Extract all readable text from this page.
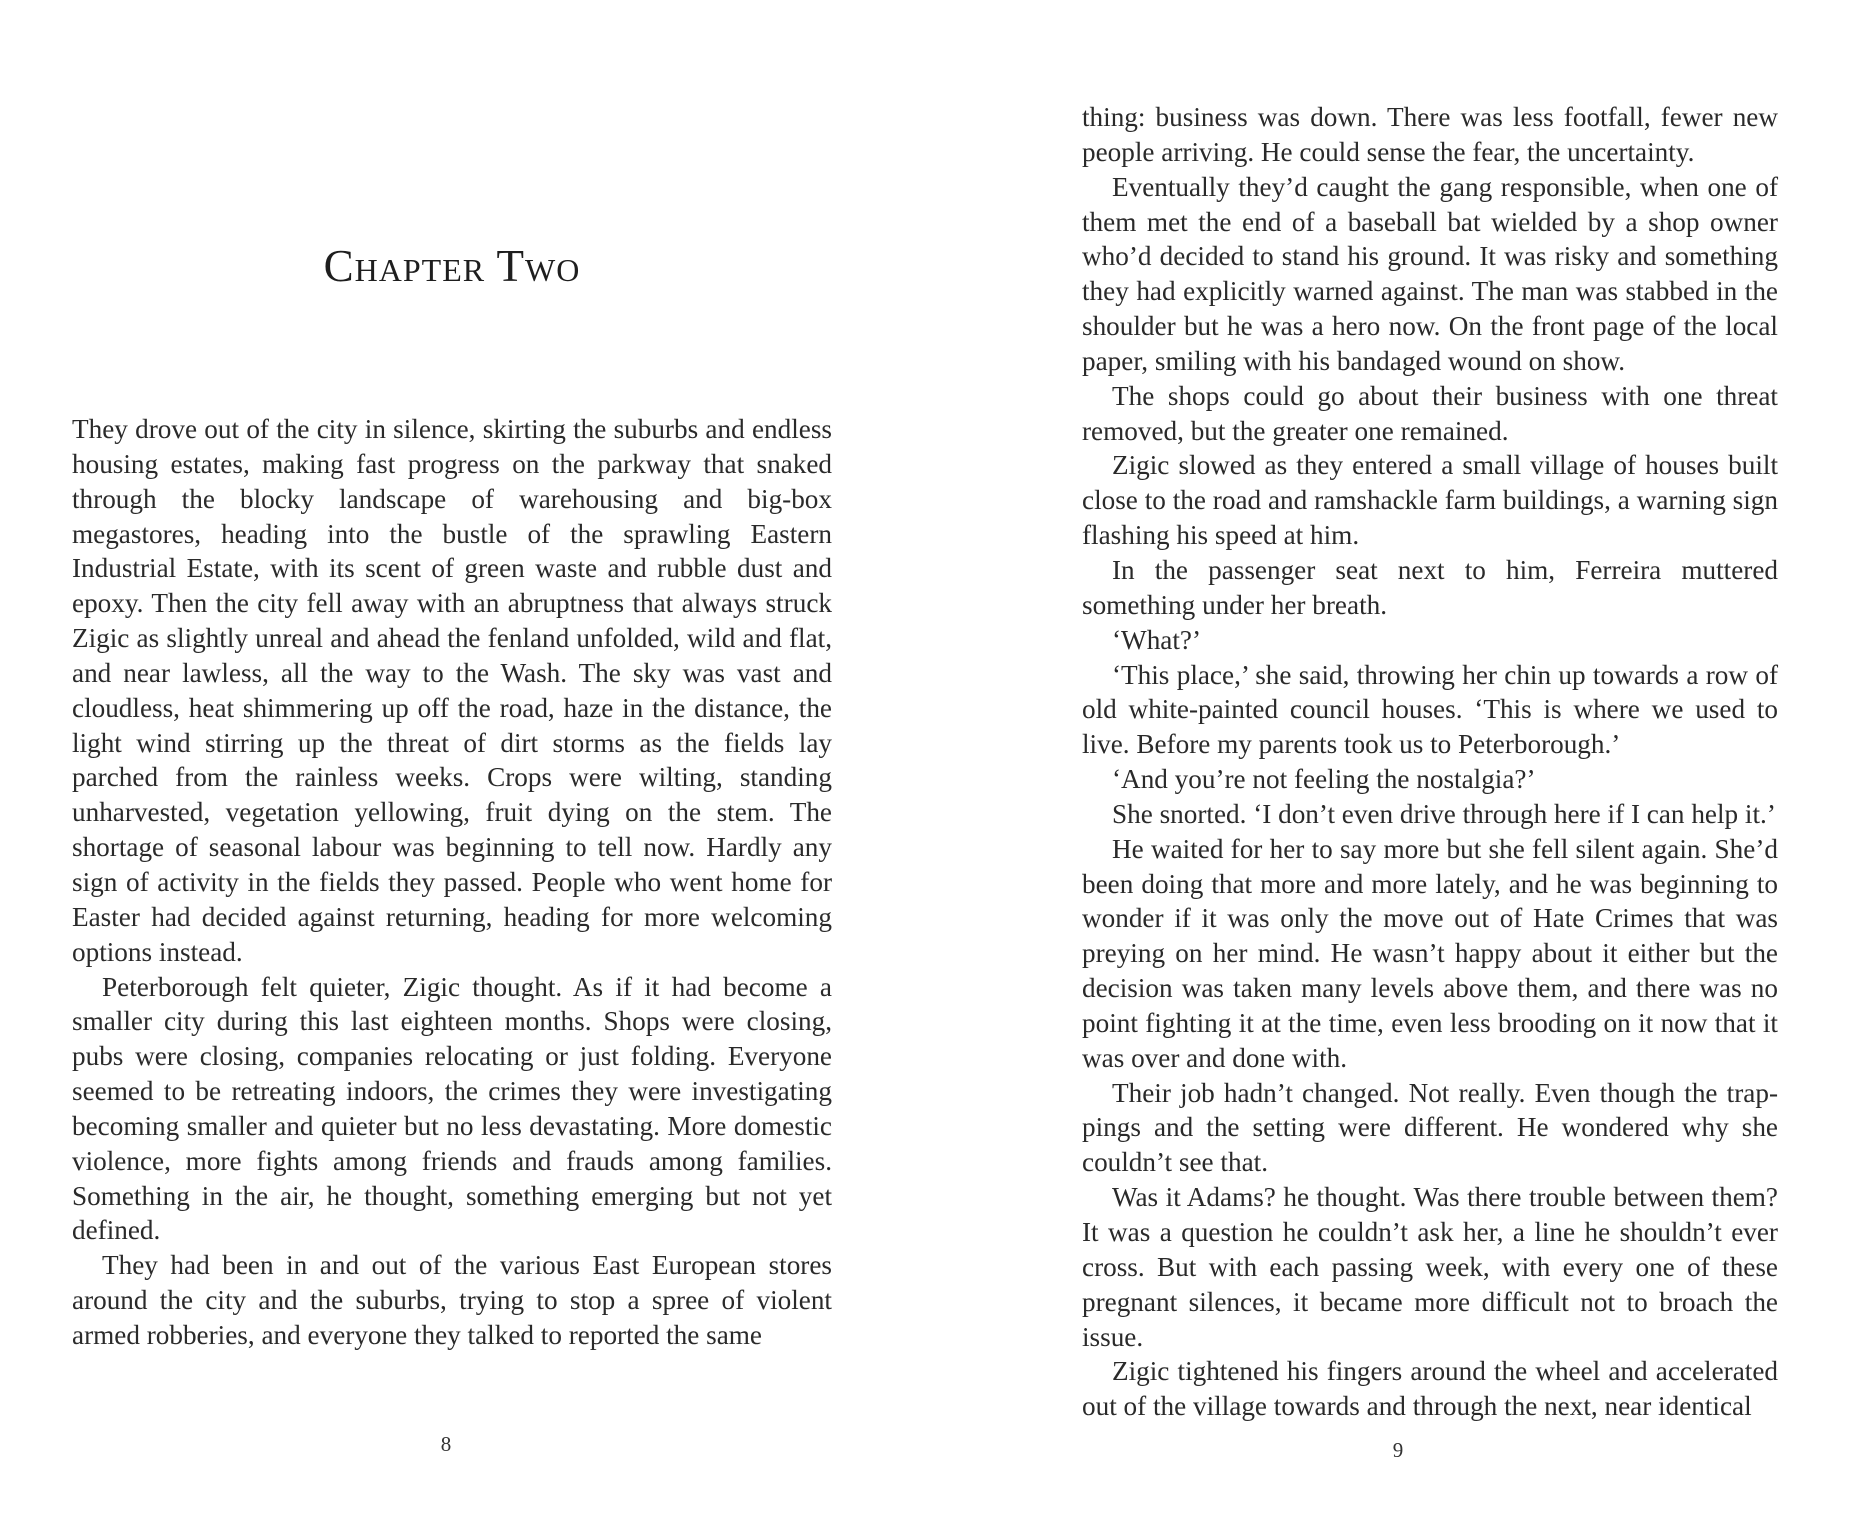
Chapter Two

They drove out of the city in silence, skirting the suburbs and endless housing estates, making fast progress on the parkway that snaked through the blocky landscape of warehousing and big-box megastores, heading into the bustle of the sprawling Eastern Industrial Estate, with its scent of green waste and rubble dust and epoxy. Then the city fell away with an abruptness that always struck Zigic as slightly unreal and ahead the fenland unfolded, wild and flat, and near lawless, all the way to the Wash. The sky was vast and cloudless, heat shimmering up off the road, haze in the distance, the light wind stirring up the threat of dirt storms as the fields lay parched from the rainless weeks. Crops were wilting, standing unharvested, vegetation yellowing, fruit dying on the stem. The shortage of seasonal labour was beginning to tell now. Hardly any sign of activity in the fields they passed. People who went home for Easter had decided against returning, heading for more welcoming options instead.

Peterborough felt quieter, Zigic thought. As if it had become a smaller city during this last eighteen months. Shops were closing, pubs were closing, companies relocating or just folding. Everyone seemed to be retreating indoors, the crimes they were investigating becoming smaller and quieter but no less devastating. More domestic violence, more fights among friends and frauds among families. Something in the air, he thought, something emerging but not yet defined.

They had been in and out of the various East European stores around the city and the suburbs, trying to stop a spree of violent armed robberies, and everyone they talked to reported the same

8

thing: business was down. There was less footfall, fewer new people arriving. He could sense the fear, the uncertainty.

Eventually they’d caught the gang responsible, when one of them met the end of a baseball bat wielded by a shop owner who’d decided to stand his ground. It was risky and something they had explicitly warned against. The man was stabbed in the shoulder but he was a hero now. On the front page of the local paper, smiling with his bandaged wound on show.

The shops could go about their business with one threat removed, but the greater one remained.

Zigic slowed as they entered a small village of houses built close to the road and ramshackle farm buildings, a warning sign flashing his speed at him.

In the passenger seat next to him, Ferreira muttered something under her breath.

‘What?’

‘This place,’ she said, throwing her chin up towards a row of old white-painted council houses. ‘This is where we used to live. Before my parents took us to Peterborough.’

‘And you’re not feeling the nostalgia?’

She snorted. ‘I don’t even drive through here if I can help it.’

He waited for her to say more but she fell silent again. She’d been doing that more and more lately, and he was beginning to wonder if it was only the move out of Hate Crimes that was preying on her mind. He wasn’t happy about it either but the decision was taken many levels above them, and there was no point fighting it at the time, even less brooding on it now that it was over and done with.

Their job hadn’t changed. Not really. Even though the trappings and the setting were different. He wondered why she couldn’t see that.

Was it Adams? he thought. Was there trouble between them? It was a question he couldn’t ask her, a line he shouldn’t ever cross. But with each passing week, with every one of these pregnant silences, it became more difficult not to broach the issue.

Zigic tightened his fingers around the wheel and accelerated out of the village towards and through the next, near identical

9
